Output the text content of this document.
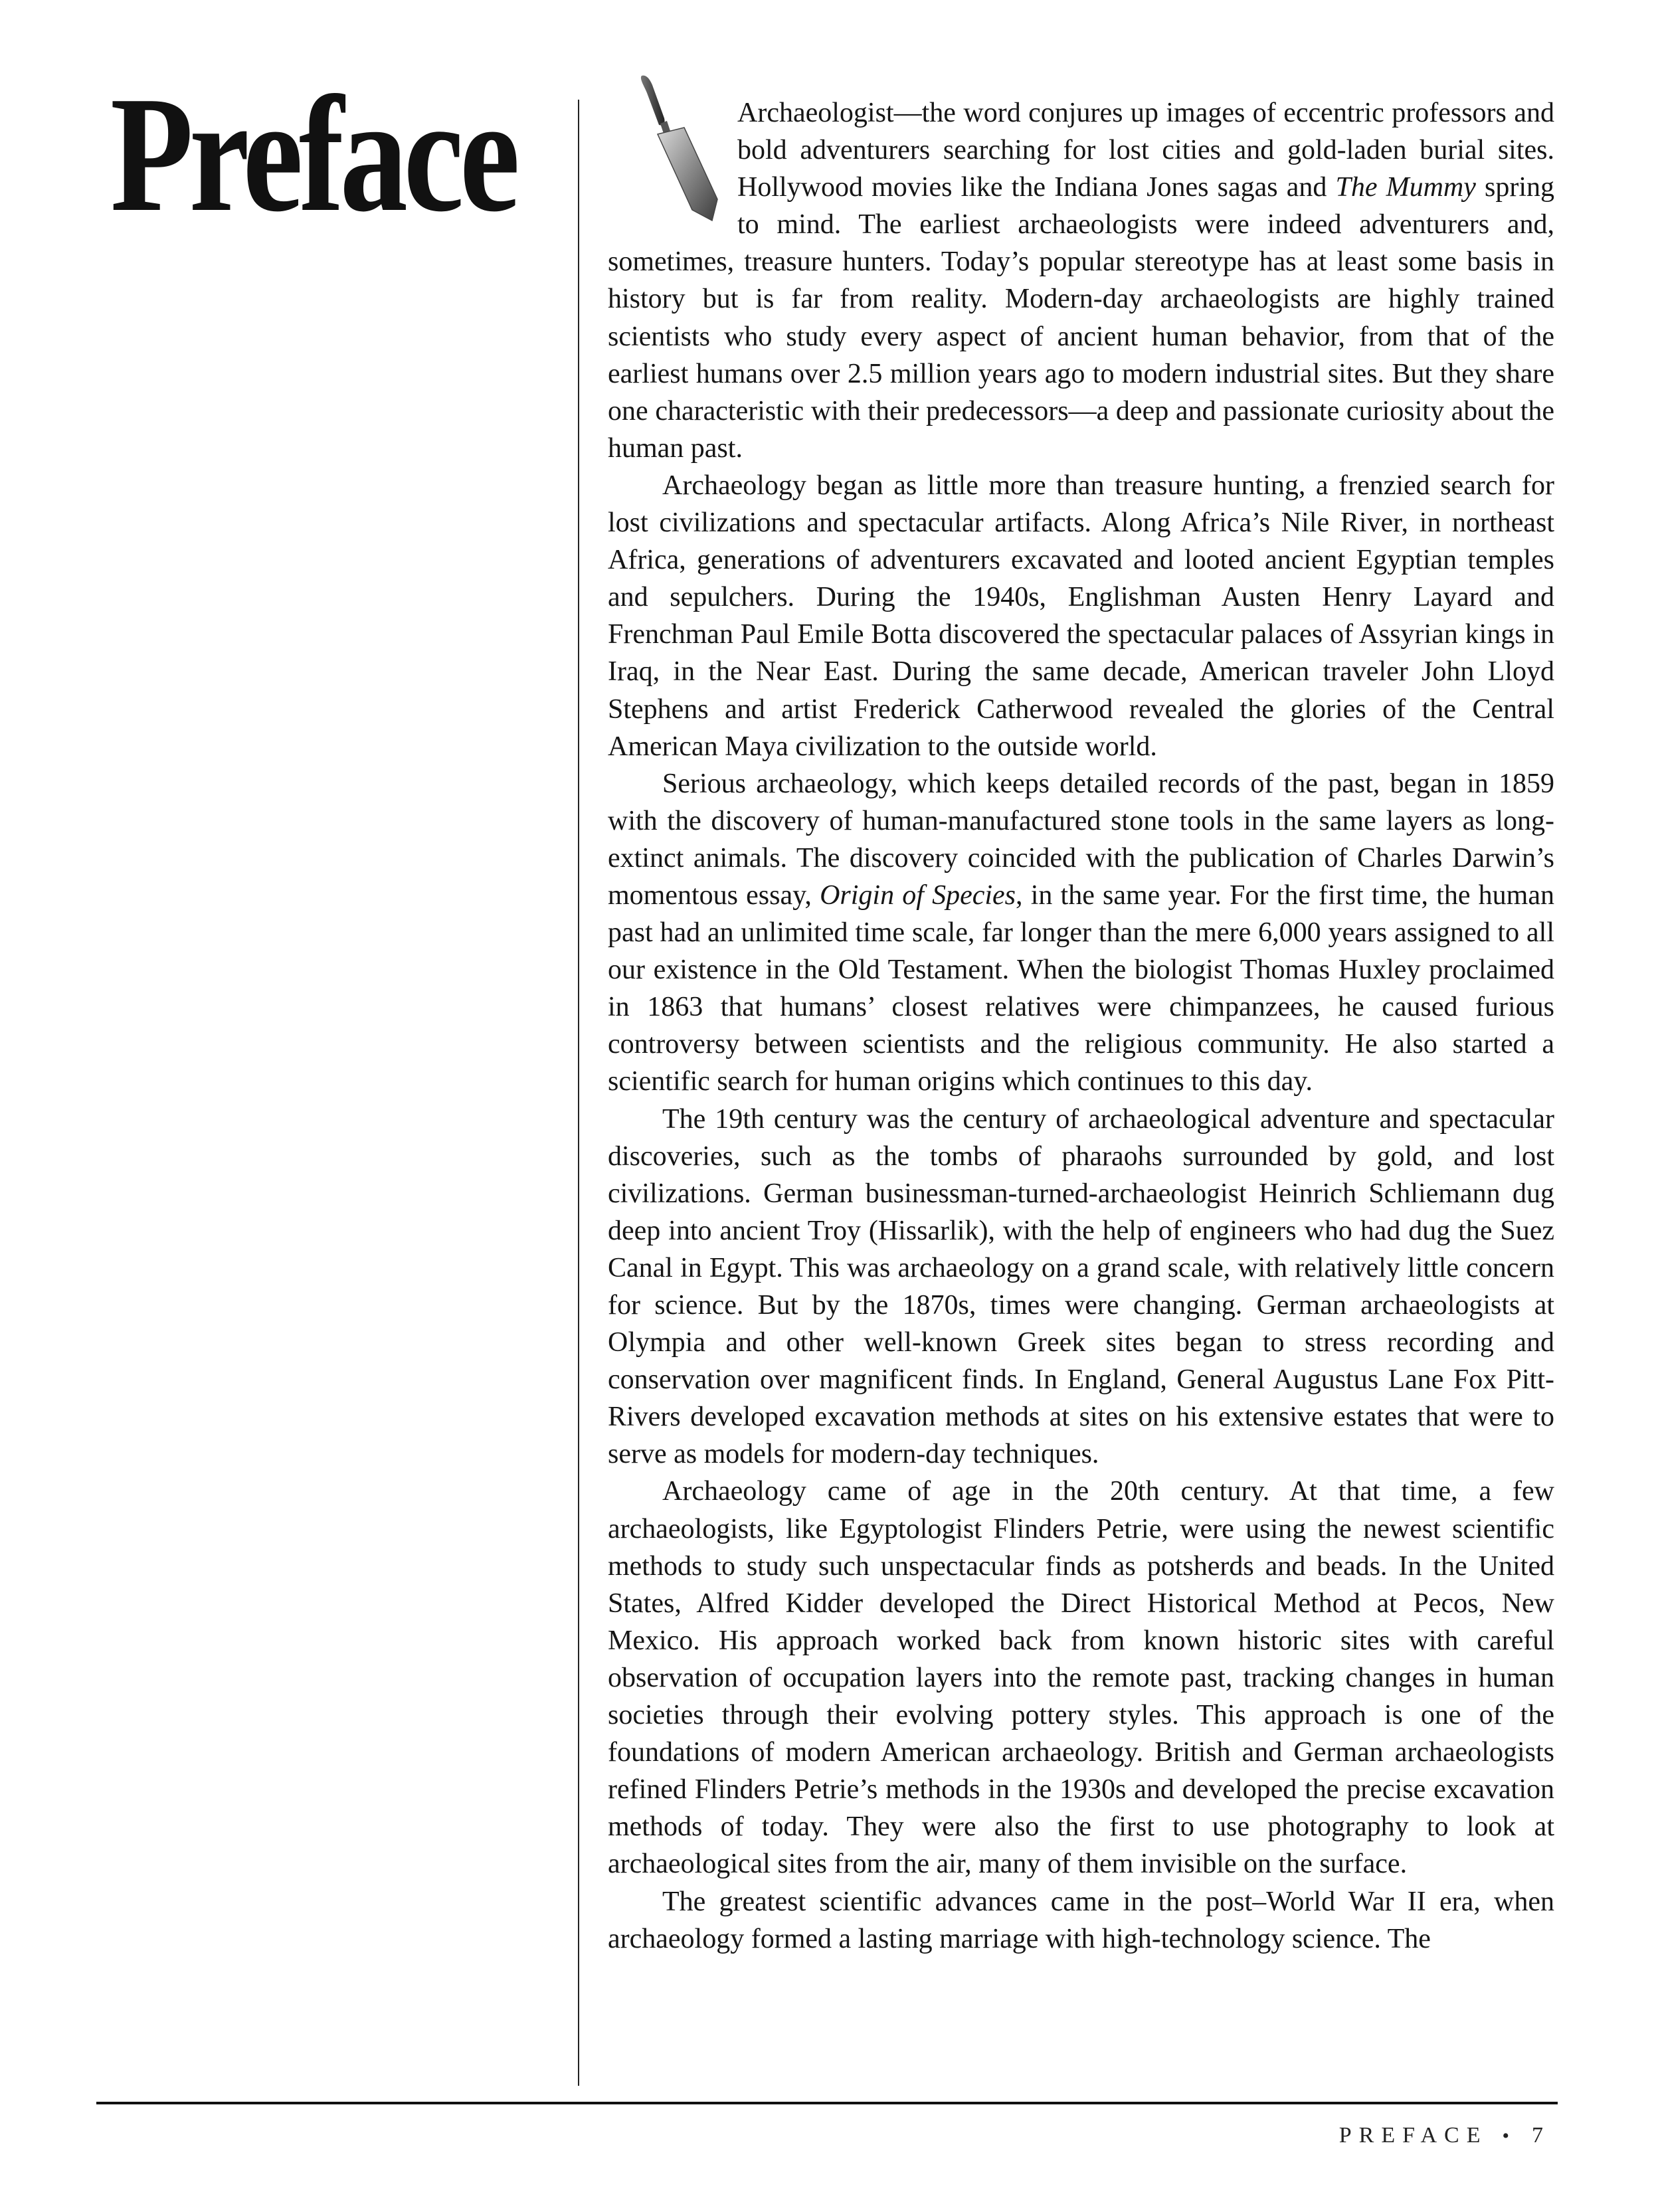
Preface	Archaeologist—the word conjures up images of eccentric professors and bold adventurers searching for lost cities and gold-laden burial sites. Hollywood movies like the Indiana Jones sagas and The Mummy spring to mind. The earliest archaeologists were indeed adventurers and, sometimes, treasure hunters. Today’s popular stereotype has at least some basis in history but is far from reality. Modern-day archaeologists are highly trained scientists who study every aspect of ancient human behavior, from that of the earliest humans over 2.5 million years ago to modern industrial sites. But they share one characteristic with their predecessors—a deep and passionate curiosity about the human past.

Archaeology began as little more than treasure hunting, a frenzied search for lost civilizations and spectacular artifacts. Along Africa’s Nile River, in northeast Africa, generations of adventurers excavated and looted ancient Egyptian temples and sepulchers. During the 1940s, Englishman Austen Henry Layard and Frenchman Paul Emile Botta discovered the spectacular palaces of Assyrian kings in Iraq, in the Near East. During the same decade, American traveler John Lloyd Stephens and artist Frederick Catherwood revealed the glories of the Central American Maya civilization to the outside world.

Serious archaeology, which keeps detailed records of the past, began in 1859 with the discovery of human-manufactured stone tools in the same layers as long-extinct animals. The discovery coincided with the publication of Charles Darwin’s momentous essay, Origin of Species, in the same year. For the first time, the human past had an unlimited time scale, far longer than the mere 6,000 years assigned to all our existence in the Old Testament. When the biologist Thomas Huxley proclaimed in 1863 that humans’ closest relatives were chimpanzees, he caused furious controversy between scientists and the religious community. He also started a scientific search for human origins which continues to this day.

The 19th century was the century of archaeological adventure and spectacular discoveries, such as the tombs of pharaohs surrounded by gold, and lost civilizations. German businessman-turned-archaeologist Heinrich Schliemann dug deep into ancient Troy (Hissarlik), with the help of engineers who had dug the Suez Canal in Egypt. This was archaeology on a grand scale, with relatively little concern for science. But by the 1870s, times were changing. German archaeologists at Olympia and other well-known Greek sites began to stress recording and conservation over magnificent finds. In England, General Augustus Lane Fox Pitt-Rivers developed excavation methods at sites on his extensive estates that were to serve as models for modern-day techniques.

Archaeology came of age in the 20th century. At that time, a few archaeologists, like Egyptologist Flinders Petrie, were using the newest scientific methods to study such unspectacular finds as potsherds and beads. In the United States, Alfred Kidder developed the Direct Historical Method at Pecos, New Mexico. His approach worked back from known historic sites with careful observation of occupation layers into the remote past, tracking changes in human societies through their evolving pottery styles. This approach is one of the foundations of modern American archaeology. British and German archaeologists refined Flinders Petrie’s methods in the 1930s and developed the precise excavation methods of today. They were also the first to use photography to look at archaeological sites from the air, many of them invisible on the surface.

The greatest scientific advances came in the post–World War II era, when archaeology formed a lasting marriage with high-technology science. The

PREFACE • 7
